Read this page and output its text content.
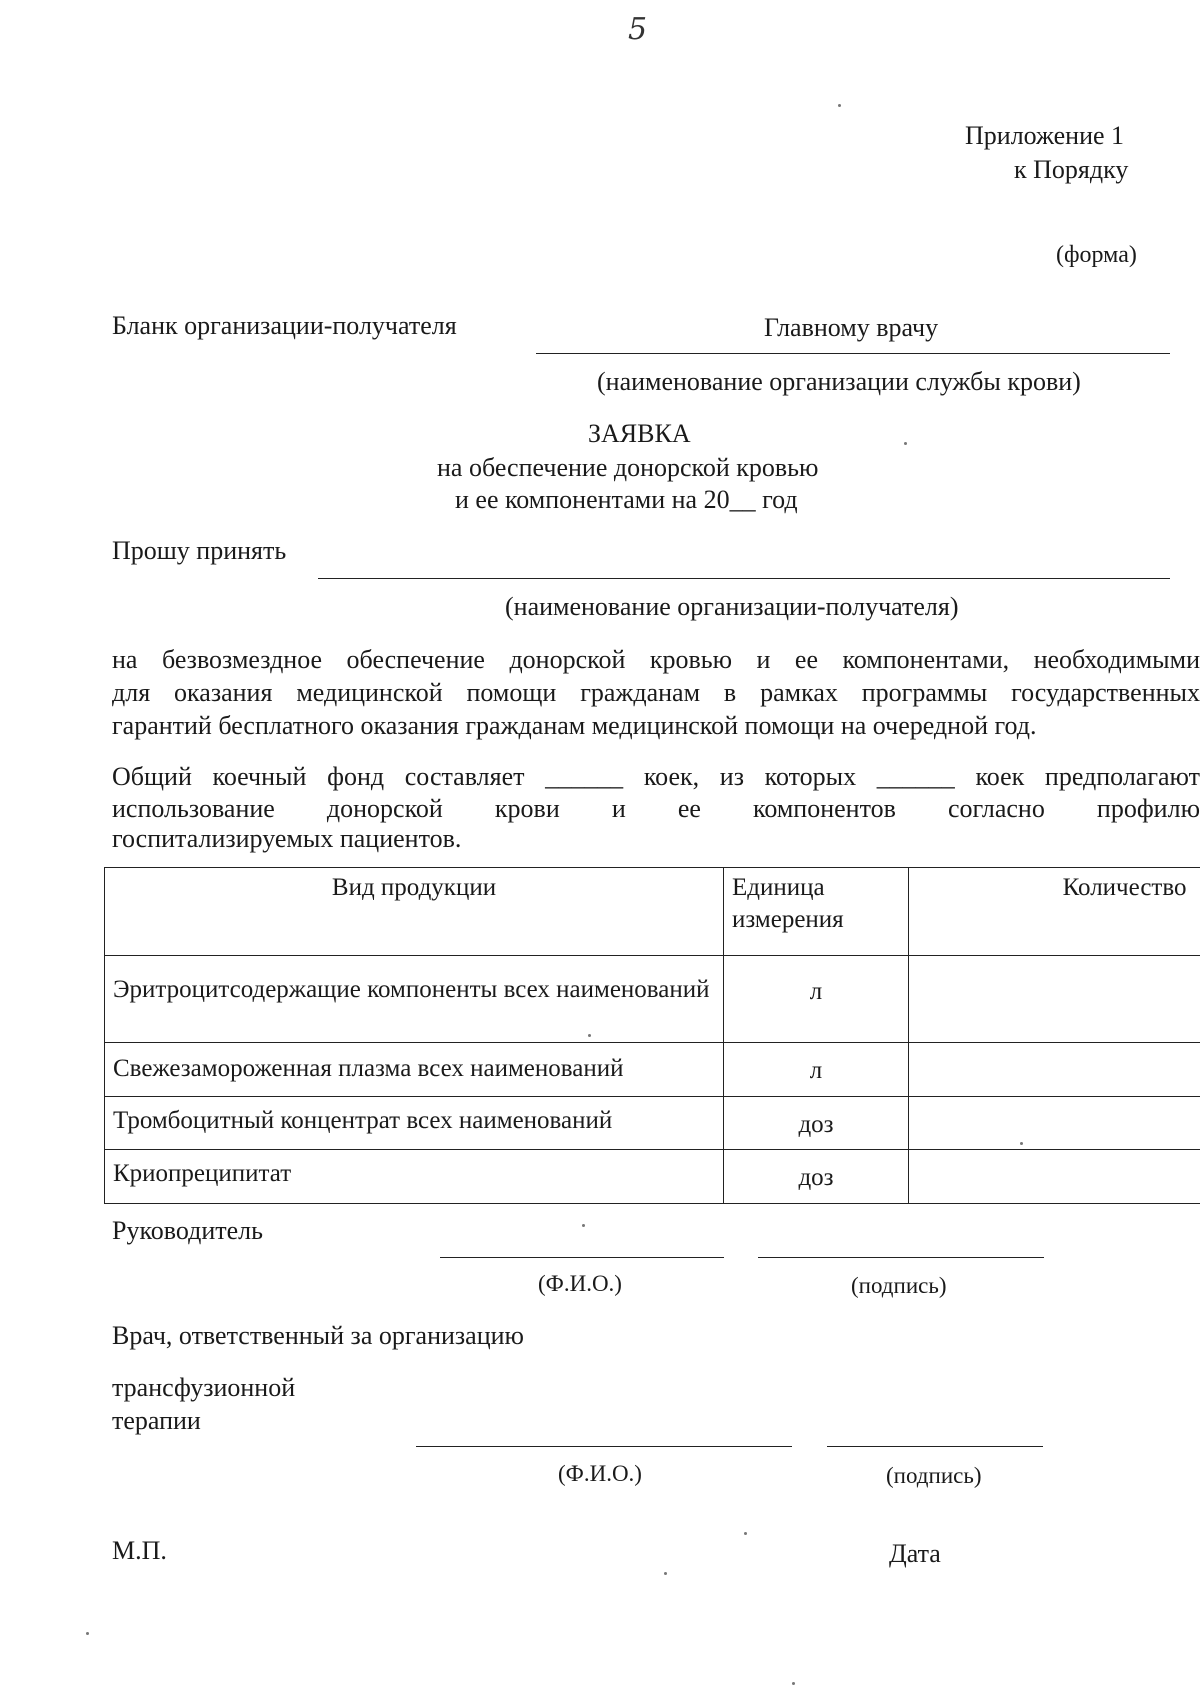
5
Приложение 1
к Порядку
(форма)
Бланк организации-получателя	Главному врачу
(наименование организации службы крови)
ЗАЯВКА
на обеспечение донорской кровью
и ее компонентами на 20__ год
Прошу принять
(наименование организации-получателя)
на безвозмездное обеспечение донорской кровью и ее компонентами, необходимыми
для оказания медицинской помощи гражданам в рамках программы государственных
гарантий бесплатного оказания гражданам медицинской помощи на очередной год.
Общий коечный фонд составляет ______ коек, из которых ______ коек предполагают
использование донорской крови и ее компонентов согласно профилю
госпитализируемых пациентов.
Вид продукции	Единица измерения	Количество
Эритроцитсодержащие компоненты всех наименований	л	
Свежезамороженная плазма всех наименований	л	
Тромбоцитный концентрат всех наименований	доз	
Криопреципитат	доз	
Руководитель
(Ф.И.О.)	(подпись)
Врач, ответственный за организацию
трансфузионной
терапии
(Ф.И.О.)	(подпись)
М.П.	Дата
